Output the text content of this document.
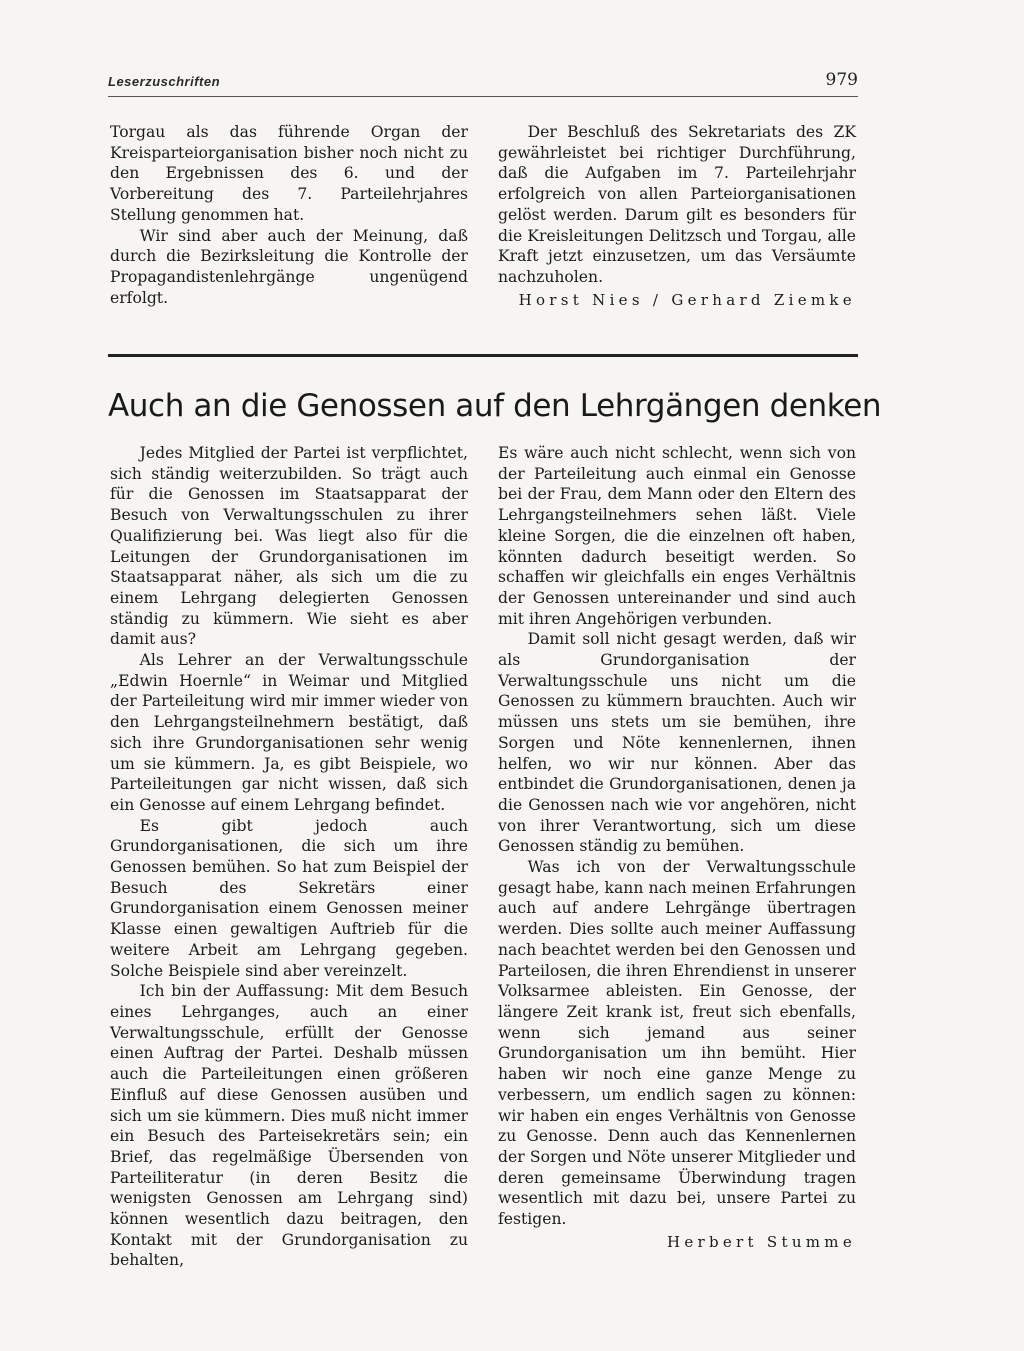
Leserzuschriften	979

Torgau als das führende Organ der Kreisparteiorganisation bisher noch nicht zu den Ergebnissen des 6. und der Vorbereitung des 7. Parteilehrjahres Stellung genommen hat.

Wir sind aber auch der Meinung, daß durch die Bezirksleitung die Kontrolle der Propagandistenlehrgänge ungenügend erfolgt.

Der Beschluß des Sekretariats des ZK gewährleistet bei richtiger Durchführung, daß die Aufgaben im 7. Parteilehrjahr erfolgreich von allen Parteiorganisationen gelöst werden. Darum gilt es besonders für die Kreisleitungen Delitzsch und Torgau, alle Kraft jetzt einzusetzen, um das Versäumte nachzuholen.

Horst Nies / Gerhard Ziemke

Auch an die Genossen auf den Lehrgängen denken

Jedes Mitglied der Partei ist verpflichtet, sich ständig weiterzubilden. So trägt auch für die Genossen im Staatsapparat der Besuch von Verwaltungsschulen zu ihrer Qualifizierung bei. Was liegt also für die Leitungen der Grundorganisationen im Staatsapparat näher, als sich um die zu einem Lehrgang delegierten Genossen ständig zu kümmern. Wie sieht es aber damit aus?

Als Lehrer an der Verwaltungsschule „Edwin Hoernle“ in Weimar und Mitglied der Parteileitung wird mir immer wieder von den Lehrgangsteilnehmern bestätigt, daß sich ihre Grundorganisationen sehr wenig um sie kümmern. Ja, es gibt Beispiele, wo Parteileitungen gar nicht wissen, daß sich ein Genosse auf einem Lehrgang befindet.

Es gibt jedoch auch Grundorganisationen, die sich um ihre Genossen bemühen. So hat zum Beispiel der Besuch des Sekretärs einer Grundorganisation einem Genossen meiner Klasse einen gewaltigen Auftrieb für die weitere Arbeit am Lehrgang gegeben. Solche Beispiele sind aber vereinzelt.

Ich bin der Auffassung: Mit dem Besuch eines Lehrganges, auch an einer Verwaltungsschule, erfüllt der Genosse einen Auftrag der Partei. Deshalb müssen auch die Parteileitungen einen größeren Einfluß auf diese Genossen ausüben und sich um sie kümmern. Dies muß nicht immer ein Besuch des Parteisekretärs sein; ein Brief, das regelmäßige Übersenden von Parteiliteratur (in deren Besitz die wenigsten Genossen am Lehrgang sind) können wesentlich dazu beitragen, den Kontakt mit der Grundorganisation zu behalten,

Es wäre auch nicht schlecht, wenn sich von der Parteileitung auch einmal ein Genosse bei der Frau, dem Mann oder den Eltern des Lehrgangsteilnehmers sehen läßt. Viele kleine Sorgen, die die einzelnen oft haben, könnten dadurch beseitigt werden. So schaffen wir gleichfalls ein enges Verhältnis der Genossen untereinander und sind auch mit ihren Angehörigen verbunden.

Damit soll nicht gesagt werden, daß wir als Grundorganisation der Verwaltungsschule uns nicht um die Genossen zu kümmern brauchten. Auch wir müssen uns stets um sie bemühen, ihre Sorgen und Nöte kennenlernen, ihnen helfen, wo wir nur können. Aber das entbindet die Grundorganisationen, denen ja die Genossen nach wie vor angehören, nicht von ihrer Verantwortung, sich um diese Genossen ständig zu bemühen.

Was ich von der Verwaltungsschule gesagt habe, kann nach meinen Erfahrungen auch auf andere Lehrgänge übertragen werden. Dies sollte auch meiner Auffassung nach beachtet werden bei den Genossen und Parteilosen, die ihren Ehrendienst in unserer Volksarmee ableisten. Ein Genosse, der längere Zeit krank ist, freut sich ebenfalls, wenn sich jemand aus seiner Grundorganisation um ihn bemüht. Hier haben wir noch eine ganze Menge zu verbessern, um endlich sagen zu können: wir haben ein enges Verhältnis von Genosse zu Genosse. Denn auch das Kennenlernen der Sorgen und Nöte unserer Mitglieder und deren gemeinsame Überwindung tragen wesentlich mit dazu bei, unsere Partei zu festigen.

Herbert Stumme
